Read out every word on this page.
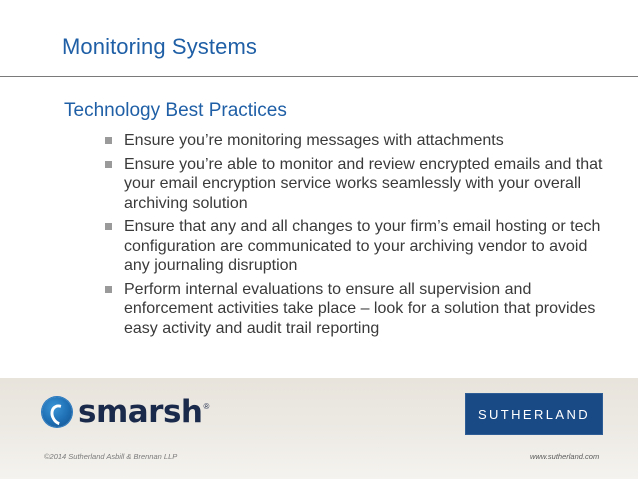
Monitoring Systems
Technology Best Practices
Ensure you’re monitoring messages with attachments
Ensure you’re able to monitor and review encrypted emails and that your email encryption service works seamlessly with your overall archiving solution
Ensure that any and all changes to your firm’s email hosting or tech configuration are communicated to your archiving vendor to avoid any journaling disruption
Perform internal evaluations to ensure all supervision and enforcement activities take place – look for a solution that provides easy activity and audit trail reporting
smarsh ®	SUTHERLAND
©2014 Sutherland Asbill & Brennan LLP	www.sutherland.com
